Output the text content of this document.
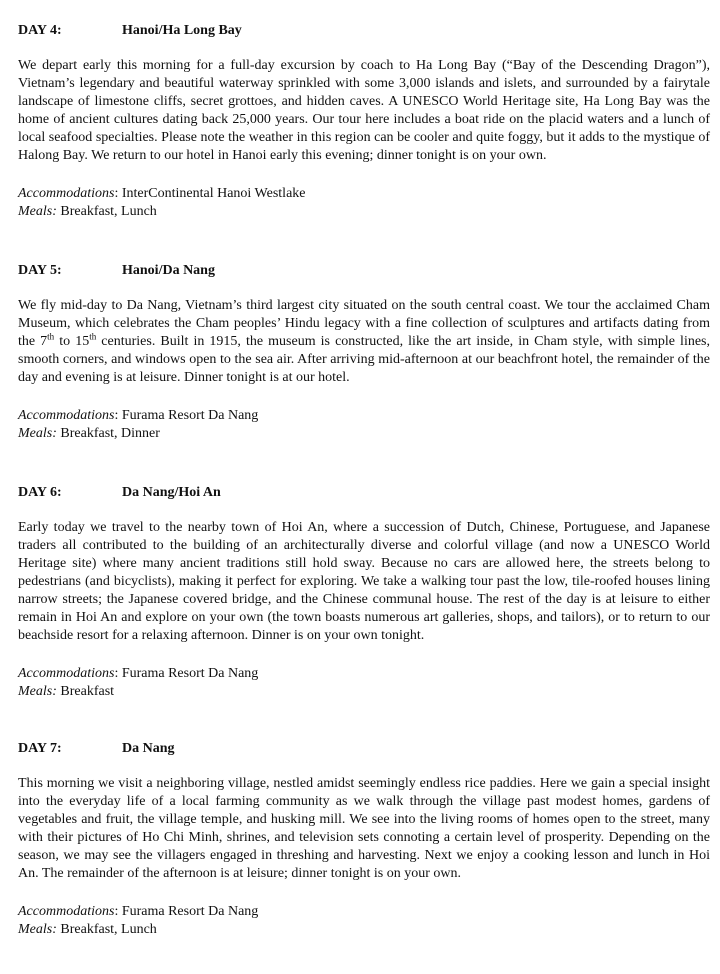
DAY 4:	Hanoi/Ha Long Bay

We depart early this morning for a full-day excursion by coach to Ha Long Bay (“Bay of the Descending Dragon”), Vietnam’s legendary and beautiful waterway sprinkled with some 3,000 islands and islets, and surrounded by a fairytale landscape of limestone cliffs, secret grottoes, and hidden caves. A UNESCO World Heritage site, Ha Long Bay was the home of ancient cultures dating back 25,000 years. Our tour here includes a boat ride on the placid waters and a lunch of local seafood specialties. Please note the weather in this region can be cooler and quite foggy, but it adds to the mystique of Halong Bay. We return to our hotel in Hanoi early this evening; dinner tonight is on your own.

Accommodations: InterContinental Hanoi Westlake
Meals: Breakfast, Lunch
DAY 5:	Hanoi/Da Nang

We fly mid-day to Da Nang, Vietnam’s third largest city situated on the south central coast. We tour the acclaimed Cham Museum, which celebrates the Cham peoples’ Hindu legacy with a fine collection of sculptures and artifacts dating from the 7th to 15th centuries. Built in 1915, the museum is constructed, like the art inside, in Cham style, with simple lines, smooth corners, and windows open to the sea air. After arriving mid-afternoon at our beachfront hotel, the remainder of the day and evening is at leisure. Dinner tonight is at our hotel.

Accommodations: Furama Resort Da Nang
Meals: Breakfast, Dinner
DAY 6:	Da Nang/Hoi An

Early today we travel to the nearby town of Hoi An, where a succession of Dutch, Chinese, Portuguese, and Japanese traders all contributed to the building of an architecturally diverse and colorful village (and now a UNESCO World Heritage site) where many ancient traditions still hold sway. Because no cars are allowed here, the streets belong to pedestrians (and bicyclists), making it perfect for exploring. We take a walking tour past the low, tile-roofed houses lining narrow streets; the Japanese covered bridge, and the Chinese communal house. The rest of the day is at leisure to either remain in Hoi An and explore on your own (the town boasts numerous art galleries, shops, and tailors), or to return to our beachside resort for a relaxing afternoon. Dinner is on your own tonight.

Accommodations: Furama Resort Da Nang
Meals: Breakfast
DAY 7:	Da Nang

This morning we visit a neighboring village, nestled amidst seemingly endless rice paddies. Here we gain a special insight into the everyday life of a local farming community as we walk through the village past modest homes, gardens of vegetables and fruit, the village temple, and husking mill. We see into the living rooms of homes open to the street, many with their pictures of Ho Chi Minh, shrines, and television sets connoting a certain level of prosperity. Depending on the season, we may see the villagers engaged in threshing and harvesting. Next we enjoy a cooking lesson and lunch in Hoi An. The remainder of the afternoon is at leisure; dinner tonight is on your own.

Accommodations: Furama Resort Da Nang
Meals: Breakfast, Lunch
